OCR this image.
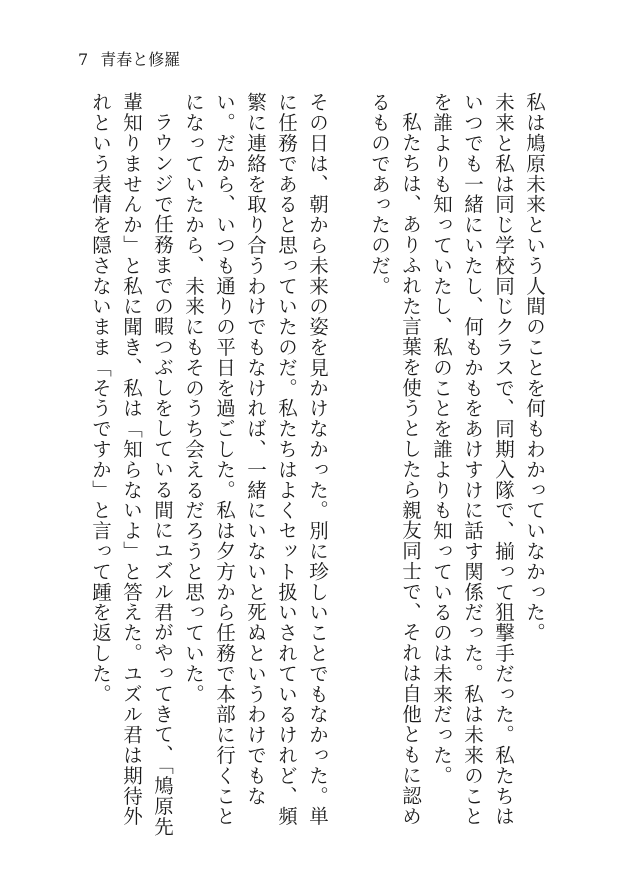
7 青春と修羅

私は鳩原未来という人間のことを何もわかっていなかった。

未来と私は同じ学校同じクラスで、同期入隊で、揃って狙撃手だった。私たちはいつでも一緒にいたし、何もかもをあけすけに話す関係だった。私は未来のことを誰よりも知っていたし、私のことを誰よりも知っているのは未来だった。

私たちは、ありふれた言葉を使うとしたら親友同士で、それは自他ともに認めるものであったのだ。

その日は、朝から未来の姿を見かけなかった。別に珍しいことでもなかった。単に任務であると思っていたのだ。私たちはよくセット扱いされているけれど、頻繁に連絡を取り合うわけでもなければ、一緒にいないと死ぬというわけでもない。だから、いつも通りの平日を過ごした。私は夕方から任務で本部に行くことになっていたから、未来にもそのうち会えるだろうと思っていた。

ラウンジで任務までの暇つぶしをしている間にユズル君がやってきて、「鳩原先輩知りませんか」と私に聞き、私は「知らないよ」と答えた。ユズル君は期待外れという表情を隠さないまま「そうですか」と言って踵を返した。
